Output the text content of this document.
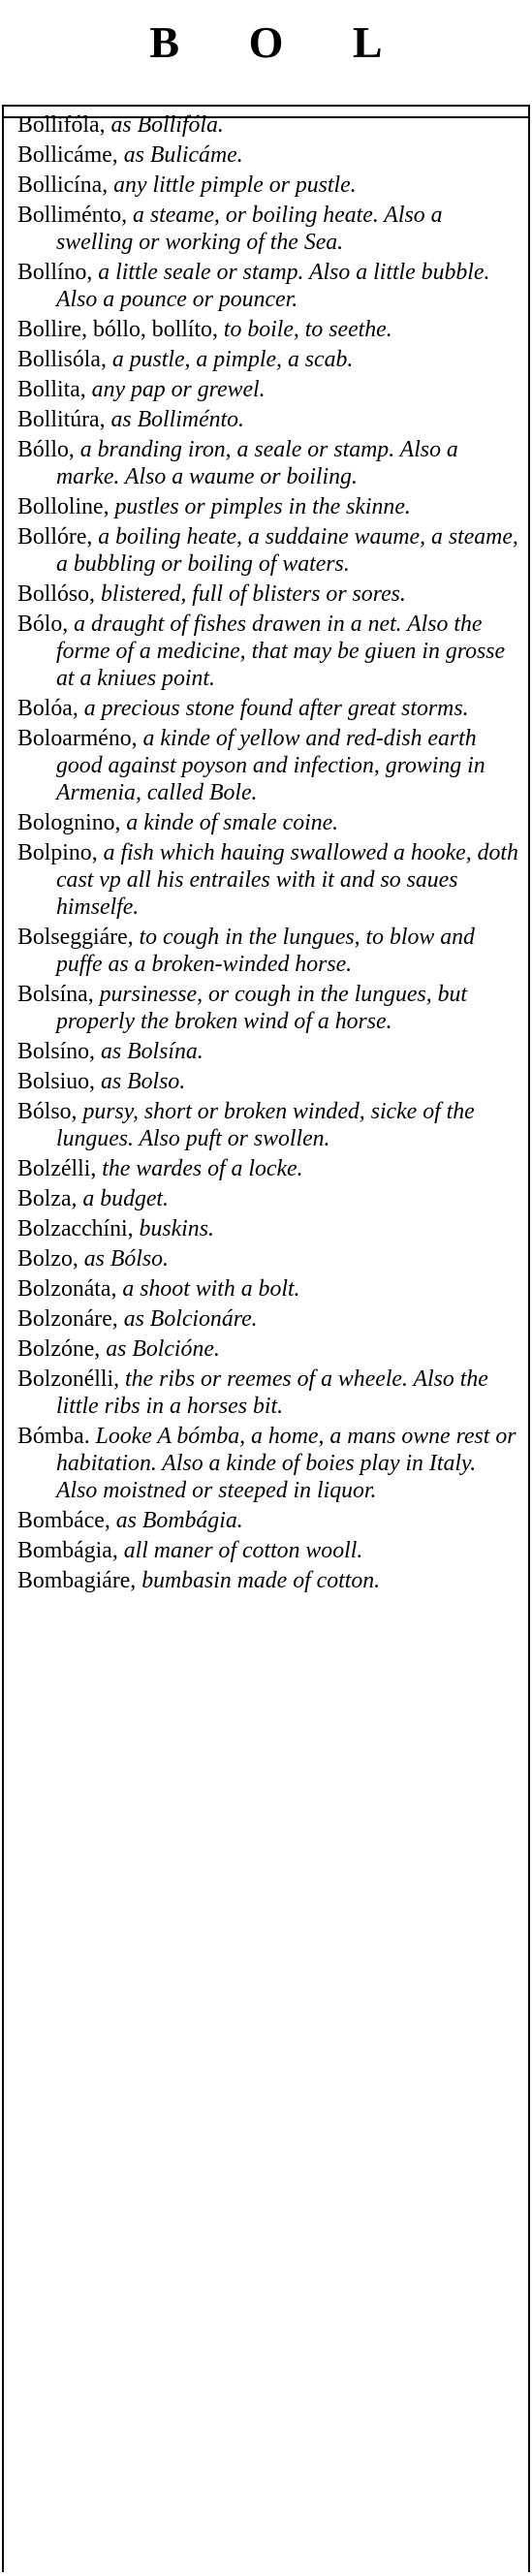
B O L
Bollifóla, as Bollifóla.
Bollicáme, as Bulicáme.
Bollicína, any little pimple or pustle.
Bolliménto, a steame, or boiling heate. Also a swelling or working of the Sea.
Bollíno, a little seale or stamp. Also a little bubble. Also a pounce or pouncer.
Bollire, bóllo, bollíto, to boile, to seethe.
Bollisóla, a pustle, a pimple, a scab.
Bollita, any pap or grewel.
Bollitúra, as Bolliménto.
Bóllo, a branding iron, a seale or stamp. Also a marke. Also a waume or boiling.
Bolloline, pustles or pimples in the skinne.
Bollóre, a boiling heate, a suddaine waume, a steame, a bubbling or boiling of waters.
Bollóso, blistered, full of blisters or sores.
Bólo, a draught of fishes drawen in a net. Also the forme of a medicine, that may be giuen in grosse at a kniues point.
Bolóa, a precious stone found after great storms.
Boloarméno, a kinde of yellow and red-dish earth good against poyson and infection, growing in Armenia, called Bole.
Bolognino, a kinde of smale coine.
Bolpino, a fish which hauing swallowed a hooke, doth cast vp all his entrailes with it and so saues himselfe.
Bolseggiáre, to cough in the lungues, to blow and puffe as a broken-winded horse.
Bolsína, pursinesse, or cough in the lungues, but properly the broken wind of a horse.
Bolsíno, as Bolsína.
Bolsiuo, as Bolso.
Bólso, pursy, short or broken winded, sicke of the lungues. Also puft or swollen.
Bolzélli, the wardes of a locke.
Bolza, a budget.
Bolzacchíni, buskins.
Bolzo, as Bólso.
Bolzonáta, a shoot with a bolt.
Bolzonáre, as Bolcionáre.
Bolzóne, as Bolcióne.
Bolzonélli, the ribs or reemes of a wheele. Also the little ribs in a horses bit.
Bómba. Looke A bómba, a home, a mans owne rest or habitation. Also a kinde of boies play in Italy. Also moistned or steeped in liquor.
Bombáce, as Bombágia.
Bombágia, all maner of cotton wooll.
Bombagiáre, bumbasin made of cotton.
